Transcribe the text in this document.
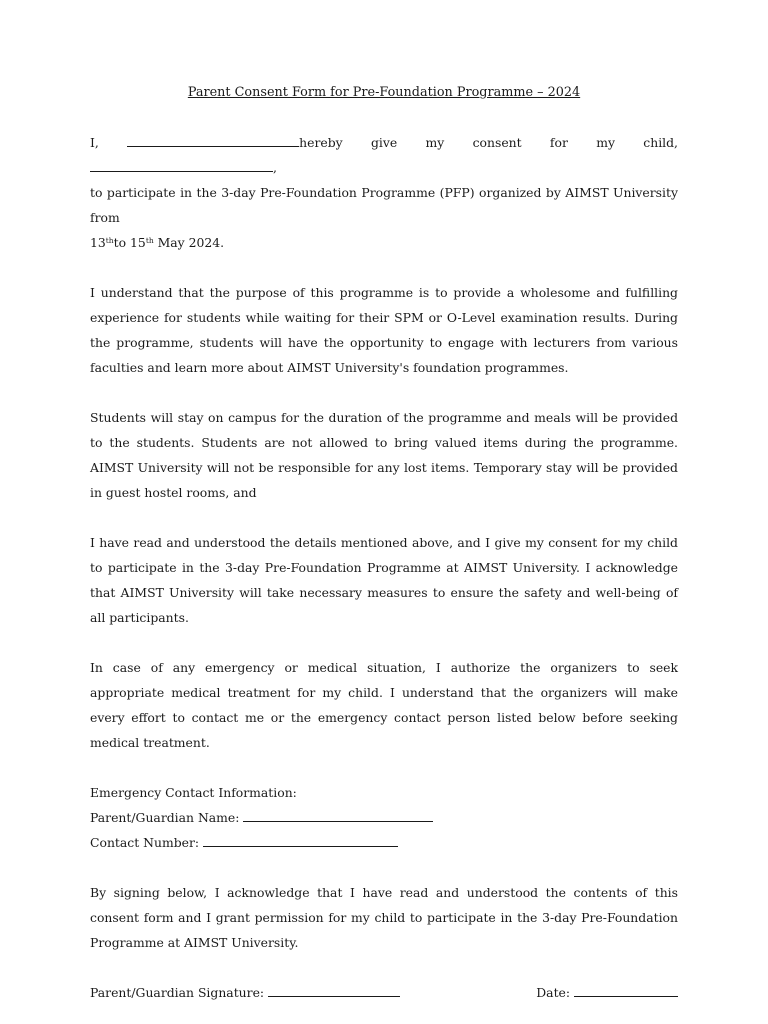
Parent Consent Form for Pre-Foundation Programme – 2024

I,	hereby give my consent for my child, ,
to participate in the 3-day Pre-Foundation Programme (PFP) organized by AIMST University from
13thto 15th May 2024.

I understand that the purpose of this programme is to provide a wholesome and fulfilling experience for students while waiting for their SPM or O-Level examination results. During the programme, students will have the opportunity to engage with lecturers from various faculties and learn more about AIMST University's foundation programmes.

Students will stay on campus for the duration of the programme and meals will be provided to the students. Students are not allowed to bring valued items during the programme. AIMST University will not be responsible for any lost items. Temporary stay will be provided in guest hostel rooms, and

I have read and understood the details mentioned above, and I give my consent for my child to participate in the 3-day Pre-Foundation Programme at AIMST University. I acknowledge that AIMST University will take necessary measures to ensure the safety and well-being of all participants.

In case of any emergency or medical situation, I authorize the organizers to seek appropriate medical treatment for my child. I understand that the organizers will make every effort to contact me or the emergency contact person listed below before seeking medical treatment.

Emergency Contact Information:
Parent/Guardian Name:
Contact Number:

By signing below, I acknowledge that I have read and understood the contents of this consent form and I grant permission for my child to participate in the 3-day Pre-Foundation Programme at AIMST University.

Parent/Guardian Signature:	Date:
